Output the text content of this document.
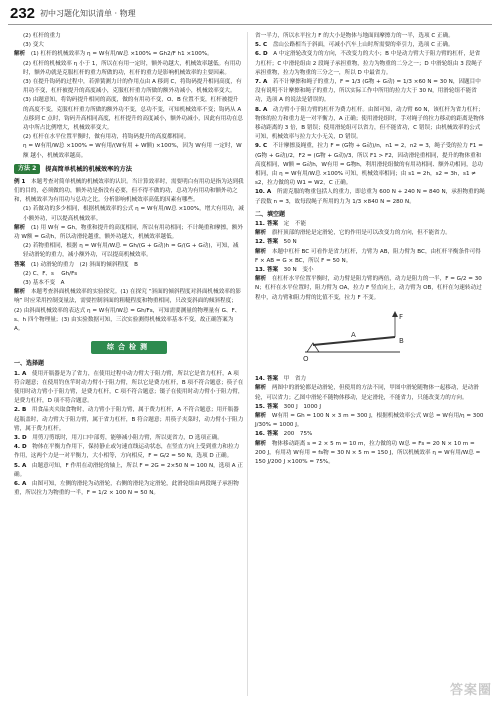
232 初中习题化知识清单 · 物理
(2) 杠杆的重力
(3) 变大
解析　 (1) 杠杆的机械效率为 η = W有用/W总 ×100% = Gh2/F h1 ×100%。
(2) 杠杆的机械效率 η 小于 1，所以在有用一定时，额外功越大，机械效率越低。有用功时，额外功就是克服杠杆的重力所做的功，杠杆的重力是影响机械效率的主要因素。
(3) 在提升钩码的过程中，若弹簧测力计的作用点由 A 移到 C，将钩码提升相同高度，有用功不变，杠杆被提升的高度减小，克服杠杆重力所做的额外功减小，机械效率变大。
(3) 由题意知，将钩码提升相同的高度，做的有用功不变，O、B 位置不变，杠杆被提升的高度不变，克服杠杆重力所做的额外功不变，总功不变，可知机械效率不变；钩码从 A 点移到 C 点时，钩码升高相同高度，杠杆提升的高度减小，额外功减小，因此有用功在总功中所占比例增大，机械效率变大。
(2) 杠杆在水平位置平衡时，做有用功，将钩码提升的高度都相同。
η = W有用/W总 ×100% = W有用/(W有用 + W额) ×100%，因为 W有用 一定时，W额 越小，机械效率越高。
方法 2	提高简单机械的机械效率的方法
例 1　 本题考查对简单机械的机械效率的认识。当计算效率时，需要明白有用功是指为达到我们的目的，必须做的功，额外功是指没有必要，但不得不做的功，总功为有用功和额外功之和，机械效率为有用功与总功之比。分析影响机械效率高低的因素有哪些。
(1) 若做功的多少相同，根据机械效率的公式 η = W有用/W总 ×100%，增大有用功，减小额外功，可以提高机械效率。
解析　 (1) 用 W有 = Gh，物重和提升的高度相同，所以有用功相同；不计绳重和摩擦，额外功 W额 = G动h，所以动滑轮越重，额外功越大，机械效率越低。
(2) 若物重相同，根据 η = W有用/W总 = Gh/(G + G动)h = G/(G + G动)，可知，减轻动滑轮的重力，减小额外功，可以提高机械效率。
答案　 (1) 动滑轮的重力　(2) 斜面的倾斜程度　B
(2) C、F、s 　Gh/Fs
(3) 基本不变　A
解析　 本题考查斜面机械效率的实验探究。(1) 在探究 “斜面的倾斜程度对斜面机械效率的影响” 时应采用控制变量法，需要控制斜面的粗糙程度和物重相同，只改变斜面的倾斜程度；(2) 由斜面机械效率的表达式 η = W有用/W总 = Gh/Fs，可知需要测量的物理量有 G、F、s、h 四个物理量；(3) 由实验数据可知，三次实验测得机械效率基本不变，故正确答案为 A。
综合检测
一、选择题
1. A　 使用开瓶器是为了省力，在使用过程中动力臂大于阻力臂，所以它是省力杠杆，A 项符合题意；在使用钓鱼竿时动力臂小于阻力臂，所以它是费力杠杆，B 项不符合题意；筷子在使用时动力臂小于阻力臂，是费力杠杆，C 项不符合题意；镊子在使用时动力臂小于阻力臂，是费力杠杆，D 项不符合题意。
2. B　 用食品夹夹取食物时，动力臂小于阻力臂，属于费力杠杆，A 不符合题意；用开瓶器起瓶盖时，动力臂大于阻力臂，属于省力杠杆，B 符合题意；用筷子夹菜时，动力臂小于阻力臂，属于费力杠杆。
3. D　 用剪刀剪纸时，用刀口中部剪，能够减小阻力臂，所以更省力，D 选项正确。
4. D　 物体在平衡力作用下，保持静止或匀速直线运动状态，在竖直方向上受到重力和拉力作用，这两个力是一对平衡力，大小相等，方向相反，F = G/2 = 50 N，选项 D 正确。
5. A　 由题意可知，F 作用在动滑轮的轴上，所以 F = 2G = 2×50 N = 100 N，选项 A 正确。
6. A　 由图可知，左侧的滑轮为动滑轮，右侧的滑轮为定滑轮，此滑轮组由两段绳子承担物重，所以拉力为物重的一半，F = 1/2 × 100 N = 50 N。
省一半力，所以水平拉力 F 的大小是物体与地面间摩擦力的一半，选项 C 正确。
5. C　 盘山公路相当于斜面，可减小汽车上山时所需要的牵引力，选项 C 正确。
6. D　 A 中定滑轮改变力的方向，不改变力的大小；B 中是动力臂大于阻力臂的杠杆，是省力杠杆；C 中滑轮组由 2 段绳子承担重物，拉力为物重的二分之一；D 中滑轮组由 3 段绳子承担重物，拉力为物重的三分之一，所以 D 中最省力。
7. A　 若不计摩擦和绳子的重力，F = 1/3 (G物 + G动) = 1/3 ×60 N = 30 N，因题目中没有说明不计摩擦和绳子的重力，所以实际工作中所用的拉力大于 30 N，用滑轮组不能省功，选项 A 的说法是错误的。
8. A　 动力臂小于阻力臂的杠杆为费力杠杆。由图可知，动力臂 60 N，该杠杆为省力杠杆；物体的拉力和重力是一对平衡力，A 正确；使用滑轮组时，手对绳子的拉力移动的距离是物体移动距离的 3 倍，B 错误；使用滑轮组可以省力，但不能省功，C 错误；由机械效率的公式可知，机械效率与拉力大小无关，D 错误。
9. C　 不计摩擦及绳重，拉力 F = (G物 + G动)/n，n1 = 2，n2 = 3，绳子受的拉力 F1 = (G物 + G动)/2，F2 = (G物 + G动)/3，所以 F1 > F2，因动滑轮重相同，提升的物体重和高度相同，W额 = G动h，W有用 = G物h，利用滑轮组做的有用功相同、额外功相同，总功相同，由 η = W有用/W总 ×100% 可知，机械效率相同；由 s1 = 2h，s2 = 3h，s1 ≠ s2，拉力做的功 W1 = W2，C 正确。
10. A　 所需克服的物重包括人的重力，即总重为 600 N + 240 N = 840 N，承担物重的绳子段数 n = 3，故每段绳子所用的力为 1/3 ×840 N = 280 N。
二、填空题
11. 答案　 定　不能
解析　 旗杆顶部的滑轮是定滑轮，它的作用是可以改变力的方向，但不能省力。
12. 答案　 50 N
解析　 本题中杠杆 BC 可看作是省力杠杆，力臂为 AB，阻力臂为 BC，由杠杆平衡条件可得 F × AB = G × BC，所以 F = 50 N。
13. 答案　 30 N　变小
解析　 在杠杆水平位置平衡时，动力臂是阻力臂的两倍，动力是阻力的一半，F = G/2 = 30 N；杠杆在水平位置时，阻力臂为 OA，拉力 F 竖直向上，动力臂为 OB，杠杆在匀速转动过程中，动力臂和阻力臂的比值不变，拉力 F 不变。
O
A
B
F
14. 答案　 甲　省力
解析　 两图中的滑轮都是动滑轮，但使用的方法不同，甲图中滑轮随物体一起移动，是动滑轮，可以省力；乙图中滑轮不随物体移动，是定滑轮，不能省力，只能改变力的方向。
15. 答案　 300 J　1000 J
解析　 W有用 = Gh = 100 N × 3 m = 300 J，根据机械效率公式 W总 = W有用/η = 300 J/30% = 1000 J。
16. 答案　 200　75%
解析　 物体移动距离 s = 2 × 5 m = 10 m，拉力做的功 W总 = Fs = 20 N × 10 m = 200 J，有用功 W有用 = fs物 = 30 N × 5 m = 150 J，所以机械效率 η = W有用/W总 = 150 J/200 J ×100% = 75%。
答案圈
